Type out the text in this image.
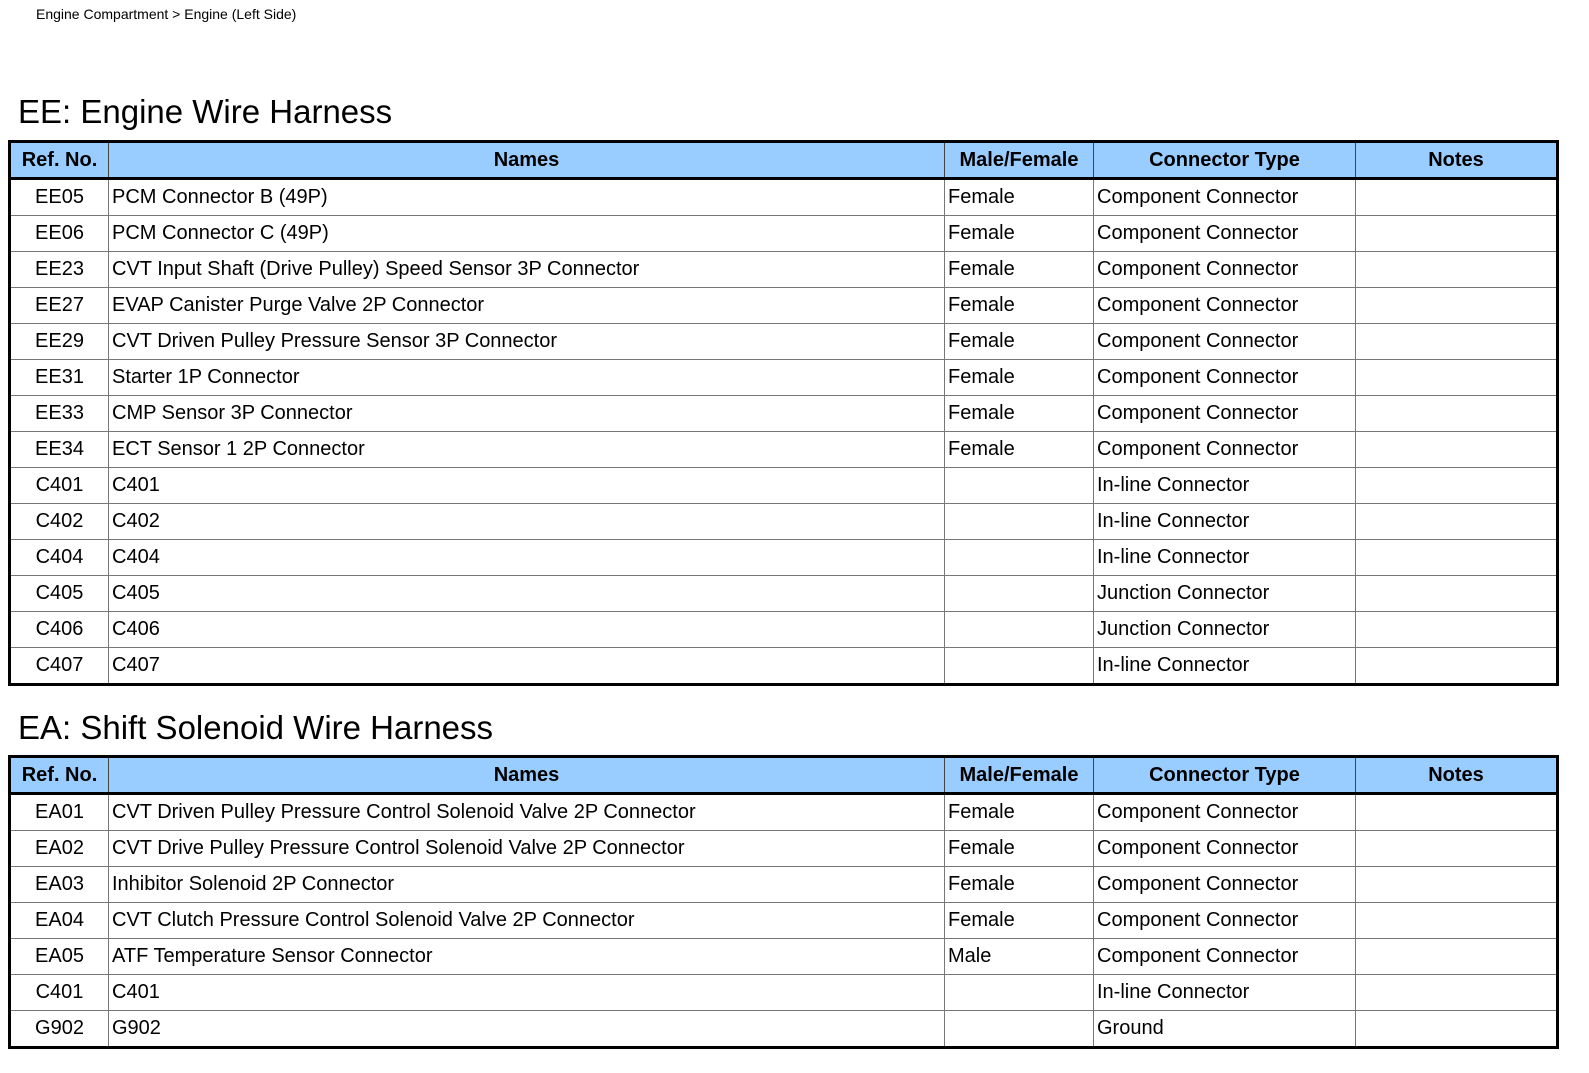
Engine Compartment > Engine (Left Side)
EE: Engine Wire Harness
Ref. No.	Names	Male/Female	Connector Type	Notes
EE05	PCM Connector B (49P)	Female	Component Connector	
EE06	PCM Connector C (49P)	Female	Component Connector	
EE23	CVT Input Shaft (Drive Pulley) Speed Sensor 3P Connector	Female	Component Connector	
EE27	EVAP Canister Purge Valve 2P Connector	Female	Component Connector	
EE29	CVT Driven Pulley Pressure Sensor 3P Connector	Female	Component Connector	
EE31	Starter 1P Connector	Female	Component Connector	
EE33	CMP Sensor 3P Connector	Female	Component Connector	
EE34	ECT Sensor 1 2P Connector	Female	Component Connector	
C401	C401		In-line Connector	
C402	C402		In-line Connector	
C404	C404		In-line Connector	
C405	C405		Junction Connector	
C406	C406		Junction Connector	
C407	C407		In-line Connector	
EA: Shift Solenoid Wire Harness
Ref. No.	Names	Male/Female	Connector Type	Notes
EA01	CVT Driven Pulley Pressure Control Solenoid Valve 2P Connector	Female	Component Connector	
EA02	CVT Drive Pulley Pressure Control Solenoid Valve 2P Connector	Female	Component Connector	
EA03	Inhibitor Solenoid 2P Connector	Female	Component Connector	
EA04	CVT Clutch Pressure Control Solenoid Valve 2P Connector	Female	Component Connector	
EA05	ATF Temperature Sensor Connector	Male	Component Connector	
C401	C401		In-line Connector	
G902	G902		Ground	
